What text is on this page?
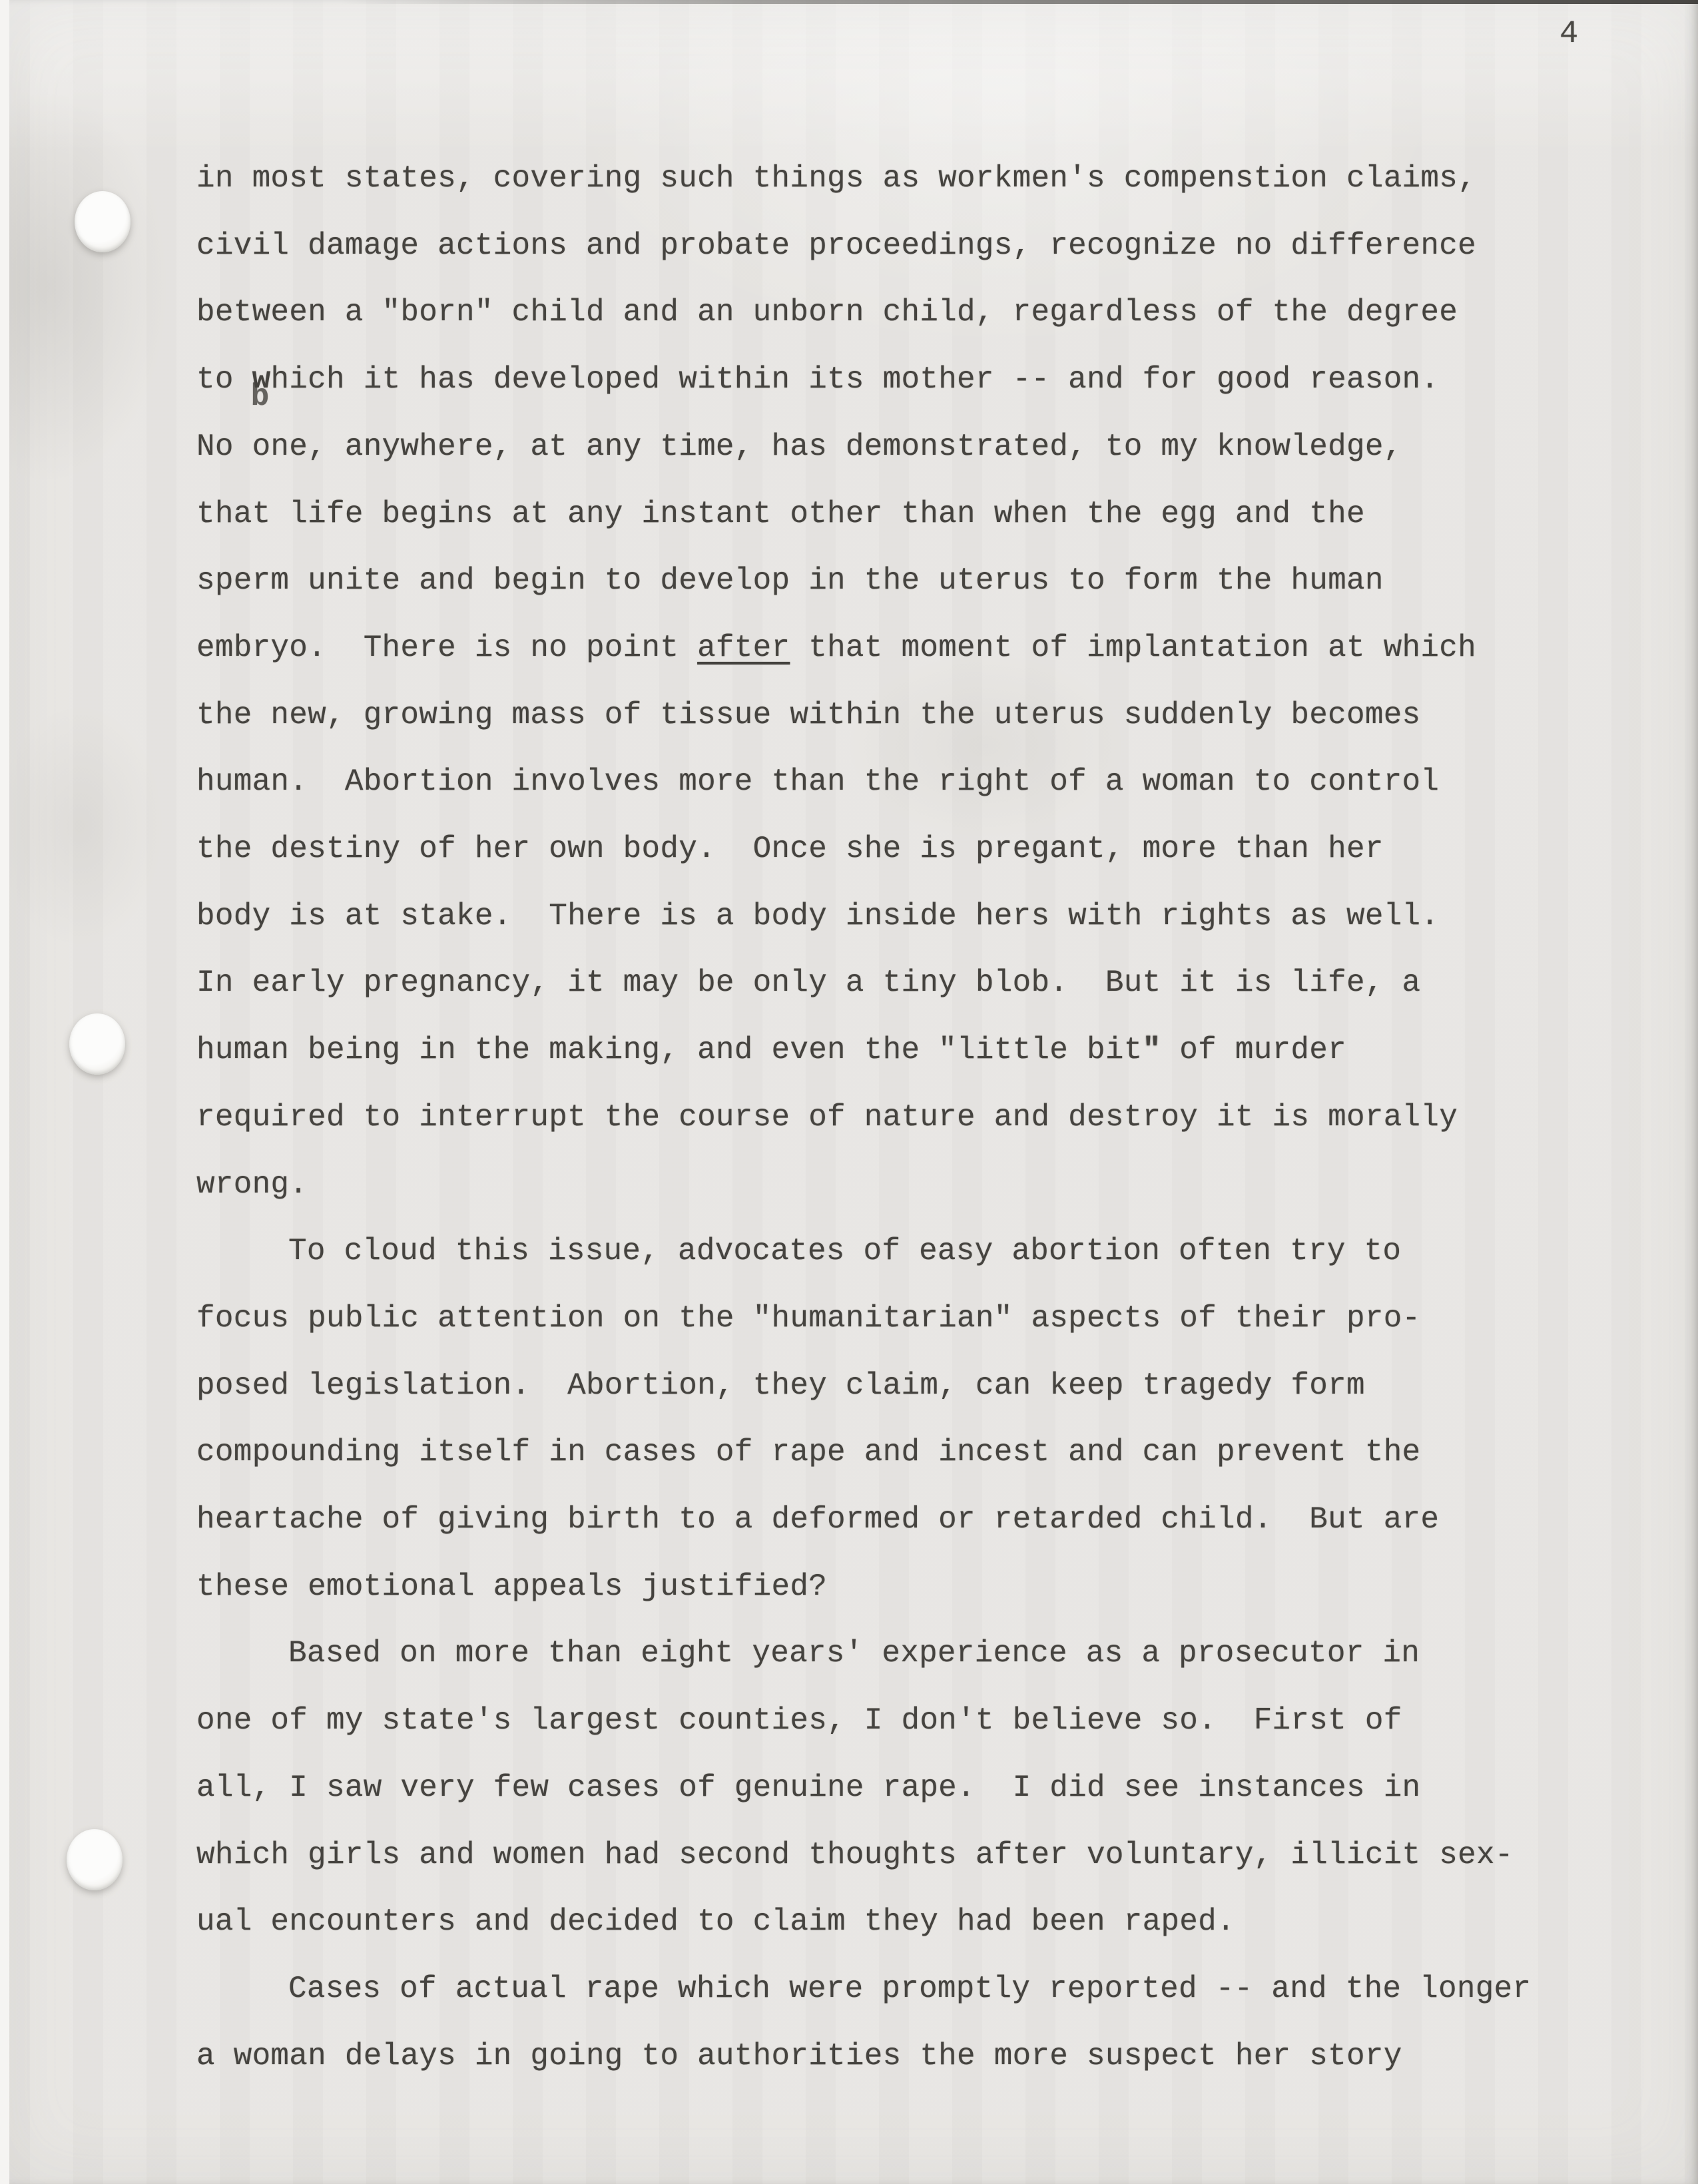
4
in most states, covering such things as workmen's compenstion claims,
civil damage actions and probate proceedings, recognize no difference
between a "born" child and an unborn child, regardless of the degree
to w bhich it has developed within its mother -- and for good reason.
No one, anywhere, at any time, has demonstrated, to my knowledge,
that life begins at any instant other than when the egg and the
sperm unite and begin to develop in the uterus to form the human
embryo.  There is no point after that moment of implantation at which
the new, growing mass of tissue within the uterus suddenly becomes
human.  Abortion involves more than the right of a woman to control
the destiny of her own body.  Once she is pregant, more than her
body is at stake.  There is a body inside hers with rights as well.
In early pregnancy, it may be only a tiny blob.  But it is life, a
human being in the making, and even the "little bit" of murder
required to interrupt the course of nature and destroy it is morally
wrong.
To cloud this issue, advocates of easy abortion often try to
focus public attention on the "humanitarian" aspects of their pro-
posed legislation.  Abortion, they claim, can keep tragedy form
compounding itself in cases of rape and incest and can prevent the
heartache of giving birth to a deformed or retarded child.  But are
these emotional appeals justified?
Based on more than eight years' experience as a prosecutor in
one of my state's largest counties, I don't believe so.  First of
all, I saw very few cases of genuine rape.  I did see instances in
which girls and women had second thoughts after voluntary, illicit sex-
ual encounters and decided to claim they had been raped.
Cases of actual rape which were promptly reported -- and the longer
a woman delays in going to authorities the more suspect her story
